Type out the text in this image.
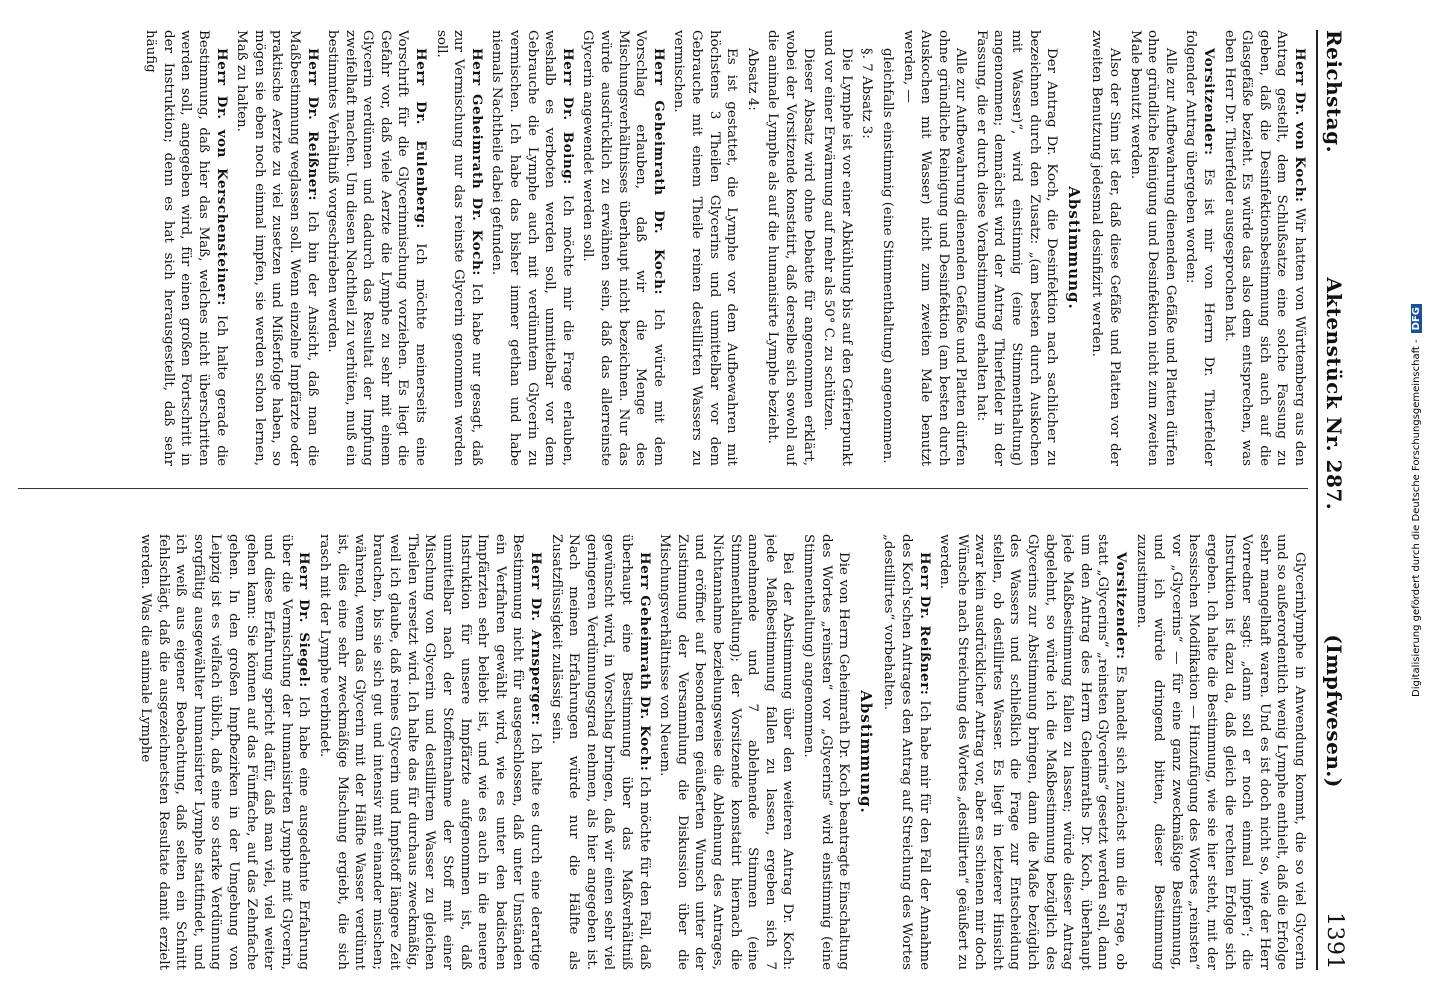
Reichstag.
Aktenstück Nr. 287.
(Impfwesen.)
1391

Herr Dr. von Koch: Wir hatten von Württemberg aus den Antrag gestellt, dem Schlußsatze eine solche Fassung zu geben, daß die Desinfektionsbestimmung sich auch auf die Glasgefäße bezieht. Es würde das also dem entsprechen, was eben Herr Dr. Thierfelder ausgesprochen hat.

Vorsitzender: Es ist mir von Herrn Dr. Thierfelder folgender Antrag übergeben worden:

Alle zur Aufbewahrung dienenden Gefäße und Platten dürfen ohne gründliche Reinigung und Desinfektion nicht zum zweiten Male benutzt werden.

Also der Sinn ist der, daß diese Gefäße und Platten vor der zweiten Benutzung jedesmal desinfizirt werden.

Abstimmung.

Der Antrag Dr. Koch, die Desinfektion nach sachlicher zu bezeichnen durch den Zusatz: „(am besten durch Auskochen mit Wasser)“, wird einstimmig (eine Stimmenthaltung) angenommen; demnächst wird der Antrag Thierfelder in der Fassung, die er durch diese Vorabstimmung erhalten hat:

Alle zur Aufbewahrung dienenden Gefäße und Platten dürfen ohne gründliche Reinigung und Desinfektion (am besten durch Auskochen mit Wasser) nicht zum zweiten Male benutzt werden, —

gleichfalls einstimmig (eine Stimmenthaltung) angenommen.

§. 7 Absatz 3:

Die Lymphe ist vor einer Abkühlung bis auf den Gefrierpunkt und vor einer Erwärmung auf mehr als 50° C. zu schützen.

Dieser Absatz wird ohne Debatte für angenommen erklärt, wobei der Vorsitzende konstatirt, daß derselbe sich sowohl auf die animale Lymphe als auf die humanisirte Lymphe bezieht.

Absatz 4:

Es ist gestattet, die Lymphe vor dem Aufbewahren mit höchstens 3 Theilen Glycerins und unmittelbar vor dem Gebrauche mit einem Theile reinen destillirten Wassers zu vermischen.

Herr Geheimrath Dr. Koch: Ich würde mit dem Vorschlag erlauben, daß wir die Menge des Mischungsverhältnisses überhaupt nicht bezeichnen. Nur das würde ausdrücklich zu erwähnen sein, daß das allerreinste Glycerin angewendet werden soll.

Herr Dr. Boing: Ich möchte mir die Frage erlauben, weshalb es verboten werden soll, unmittelbar vor dem Gebrauche die Lymphe auch mit verdünntem Glycerin zu vermischen. Ich habe das bisher immer gethan und habe niemals Nachtheile dabei gefunden.

Herr Geheimrath Dr. Koch: Ich habe nur gesagt, daß zur Vermischung nur das reinste Glycerin genommen werden soll.

Herr Dr. Eulenberg: Ich möchte meinerseits eine Vorschrift für die Glycerinmischung vorziehen. Es liegt die Gefahr vor, daß viele Aerzte die Lymphe zu sehr mit einem Glycerin verdünnen und dadurch das Resultat der Impfung zweifelhaft machen. Um diesen Nachtheil zu verhüten, muß ein bestimmtes Verhältniß vorgeschrieben werden.

Herr Dr. Reißner: Ich bin der Ansicht, daß man die Maßbestimmung weglassen soll. Wenn einzelne Impfärzte oder praktische Aerzte zu viel zusetzen und Mißerfolge haben, so mögen sie eben noch einmal impfen, sie werden schon lernen, Maß zu halten.

Herr Dr. von Kerschensteiner: Ich halte gerade die Bestimmung, daß hier das Maß, welches nicht überschritten werden soll, angegeben wird, für einen großen Fortschritt in der Instruktion; denn es hat sich herausgestellt, daß sehr häufig

Glycerinlymphe in Anwendung kommt, die so viel Glycerin und so außerordentlich wenig Lymphe enthielt, daß die Erfolge sehr mangelhaft waren. Und es ist doch nicht so, wie der Herr Vorredner sagt: „dann soll er noch einmal impfen“; die Instruktion ist dazu da, daß gleich die rechten Erfolge sich ergeben. Ich halte die Bestimmung, wie sie hier steht, mit der hessischen Modifikation — Hinzufügung des Wortes „reinsten“ vor „Glycerins“ — für eine ganz zweckmäßige Bestimmung, und ich würde dringend bitten, dieser Bestimmung zuzustimmen.

Vorsitzender: Es handelt sich zunächst um die Frage, ob statt „Glycerins“ „reinsten Glycerins“ gesetzt werden soll, dann um den Antrag des Herrn Geheimraths Dr. Koch, überhaupt jede Maßbestimmung fallen zu lassen; würde dieser Antrag abgelehnt, so würde ich die Maßbestimmung bezüglich des Glycerins zur Abstimmung bringen, dann die Maße bezüglich des Wassers und schließlich die Frage zur Entscheidung stellen, ob destillirtes Wasser. Es liegt in letzterer Hinsicht zwar kein ausdrücklicher Antrag vor, aber es schienen mir doch Wünsche nach Streichung des Wortes „destillirten“ geäußert zu werden.

Herr Dr. Reißner: Ich habe mir für den Fall der Annahme des Koch'schen Antrages den Antrag auf Streichung des Wortes „destillirtes“ vorbehalten.

Abstimmung.

Die von Herrn Geheimrath Dr. Koch beantragte Einschaltung des Wortes „reinsten“ vor „Glycerins“ wird einstimmig (eine Stimmenthaltung) angenommen.

Bei der Abstimmung über den weiteren Antrag Dr. Koch: jede Maßbestimmung fallen zu lassen, ergeben sich 7 annehmende und 7 ablehnende Stimmen (eine Stimmenthaltung); der Vorsitzende konstatirt hiernach die Nichtannahme beziehungsweise die Ablehnung des Antrages, und eröffnet auf besonderen geäußerten Wunsch unter der Zustimmung der Versammlung die Diskussion über die Mischungsverhältnisse von Neuem.

Herr Geheimrath Dr. Koch: Ich möchte für den Fall, daß überhaupt eine Bestimmung über das Maßverhältniß gewünscht wird, in Vorschlag bringen, daß wir einen sehr viel geringeren Verdünnungsgrad nehmen, als hier angegeben ist. Nach meinen Erfahrungen würde nur die Hälfte als Zusatzflüssigkeit zulässig sein.

Herr Dr. Arnsperger: Ich halte es durch eine derartige Bestimmung nicht für ausgeschlossen, daß unter Umständen ein Verfahren gewählt wird, wie es unter den badischen Impfärzten sehr beliebt ist, und wie es auch in die neuere Instruktion für unsere Impfärzte aufgenommen ist, daß unmittelbar nach der Stoffentnahme der Stoff mit einer Mischung von Glycerin und destillirtem Wasser zu gleichen Theilen versetzt wird. Ich halte das für durchaus zweckmäßig, weil ich glaube, daß reines Glycerin und Impfstoff längere Zeit brauchen, bis sie sich gut und intensiv mit einander mischen; während, wenn das Glycerin mit der Hälfte Wasser verdünnt ist, dies eine sehr zweckmäßige Mischung ergiebt, die sich rasch mit der Lymphe verbindet.

Herr Dr. Siegel: Ich habe eine ausgedehnte Erfahrung über die Vermischung der humanisirten Lymphe mit Glycerin, und diese Erfahrung spricht dafür, daß man viel, viel weiter gehen kann: Sie können auf das Fünffache, auf das Zehnfache gehen. In den großen Impfbezirken in der Umgebung von Leipzig ist es vielfach üblich, daß eine so starke Verdünnung sorgfältig ausgewählter humanisirter Lymphe stattfindet, und ich weiß aus eigener Beobachtung, daß selten ein Schnitt fehlschlägt, daß die ausgezeichnetsten Resultate damit erzielt werden. Was die animale Lymphe	Digitalisierung gefördert durch die Deutsche Forschungsgemeinschaft -
DFG
